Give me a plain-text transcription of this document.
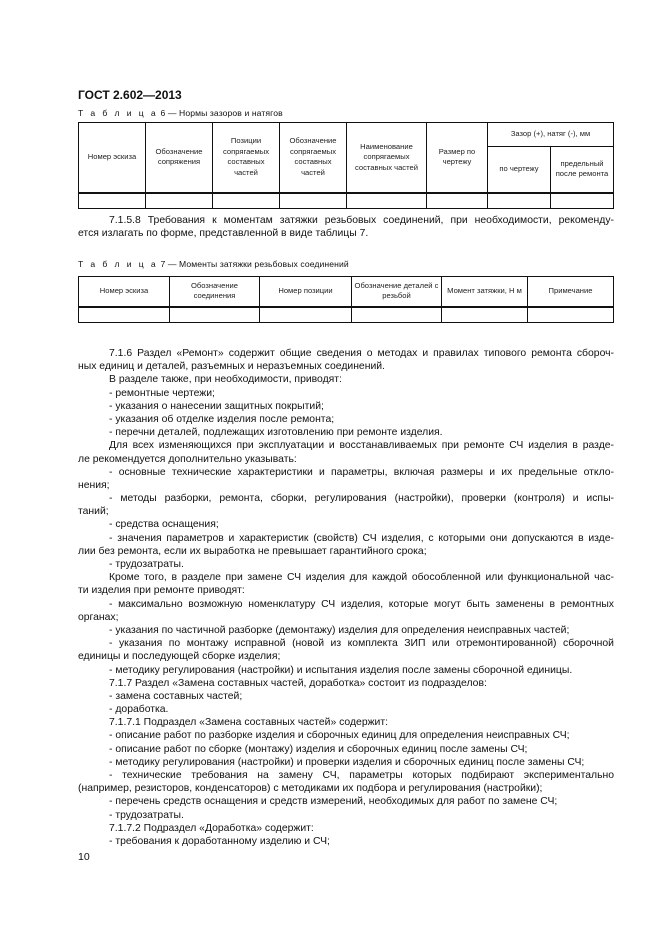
ГОСТ 2.602—2013
Т а б л и ц а 6 — Нормы зазоров и натягов
Номер эскиза	Обозначение сопряжения	Позиции сопрягаемых составных частей	Обозначение сопрягаемых составных частей	Наименование сопрягаемых составных частей	Размер по чертежу	Зазор (+), натяг (-), мм	
						по чертежу	предельный после ремонта

7.1.5.8 Требования к моментам затяжки резьбовых соединений, при необходимости, рекоменду-
ется излагать по форме, представленной в виде таблицы 7.
Т а б л и ц а 7 — Моменты затяжки резьбовых соединений
Номер эскиза	Обозначение соединения	Номер позиции	Обозначение деталей с резьбой	Момент затяжки, Н м	Примечание

7.1.6 Раздел «Ремонт» содержит общие сведения о методах и правилах типового ремонта сбороч-
ных единиц и деталей, разъемных и неразъемных соединений.
В разделе также, при необходимости, приводят:
- ремонтные чертежи;
- указания о нанесении защитных покрытий;
- указания об отделке изделия после ремонта;
- перечни деталей, подлежащих изготовлению при ремонте изделия.
Для всех изменяющихся при эксплуатации и восстанавливаемых при ремонте СЧ изделия в разде-
ле рекомендуется дополнительно указывать:
- основные технические характеристики и параметры, включая размеры и их предельные откло-
нения;
- методы разборки, ремонта, сборки, регулирования (настройки), проверки (контроля) и испы-
таний;
- средства оснащения;
- значения параметров и характеристик (свойств) СЧ изделия, с которыми они допускаются в изде-
лии без ремонта, если их выработка не превышает гарантийного срока;
- трудозатраты.
Кроме того, в разделе при замене СЧ изделия для каждой обособленной или функциональной час-
ти изделия при ремонте приводят:
- максимально возможную номенклатуру СЧ изделия, которые могут быть заменены в ремонтных
органах;
- указания по частичной разборке (демонтажу) изделия для определения неисправных частей;
- указания по монтажу исправной (новой из комплекта ЗИП или отремонтированной) сборочной
единицы и последующей сборке изделия;
- методику регулирования (настройки) и испытания изделия после замены сборочной единицы.
7.1.7 Раздел «Замена составных частей, доработка» состоит из подразделов:
- замена составных частей;
- доработка.
7.1.7.1 Подраздел «Замена составных частей» содержит:
- описание работ по разборке изделия и сборочных единиц для определения неисправных СЧ;
- описание работ по сборке (монтажу) изделия и сборочных единиц после замены СЧ;
- методику регулирования (настройки) и проверки изделия и сборочных единиц после замены СЧ;
- технические требования на замену СЧ, параметры которых подбирают экспериментально
(например, резисторов, конденсаторов) с методиками их подбора и регулирования (настройки);
- перечень средств оснащения и средств измерений, необходимых для работ по замене СЧ;
- трудозатраты.
7.1.7.2 Подраздел «Доработка» содержит:
- требования к доработанному изделию и СЧ;
10
